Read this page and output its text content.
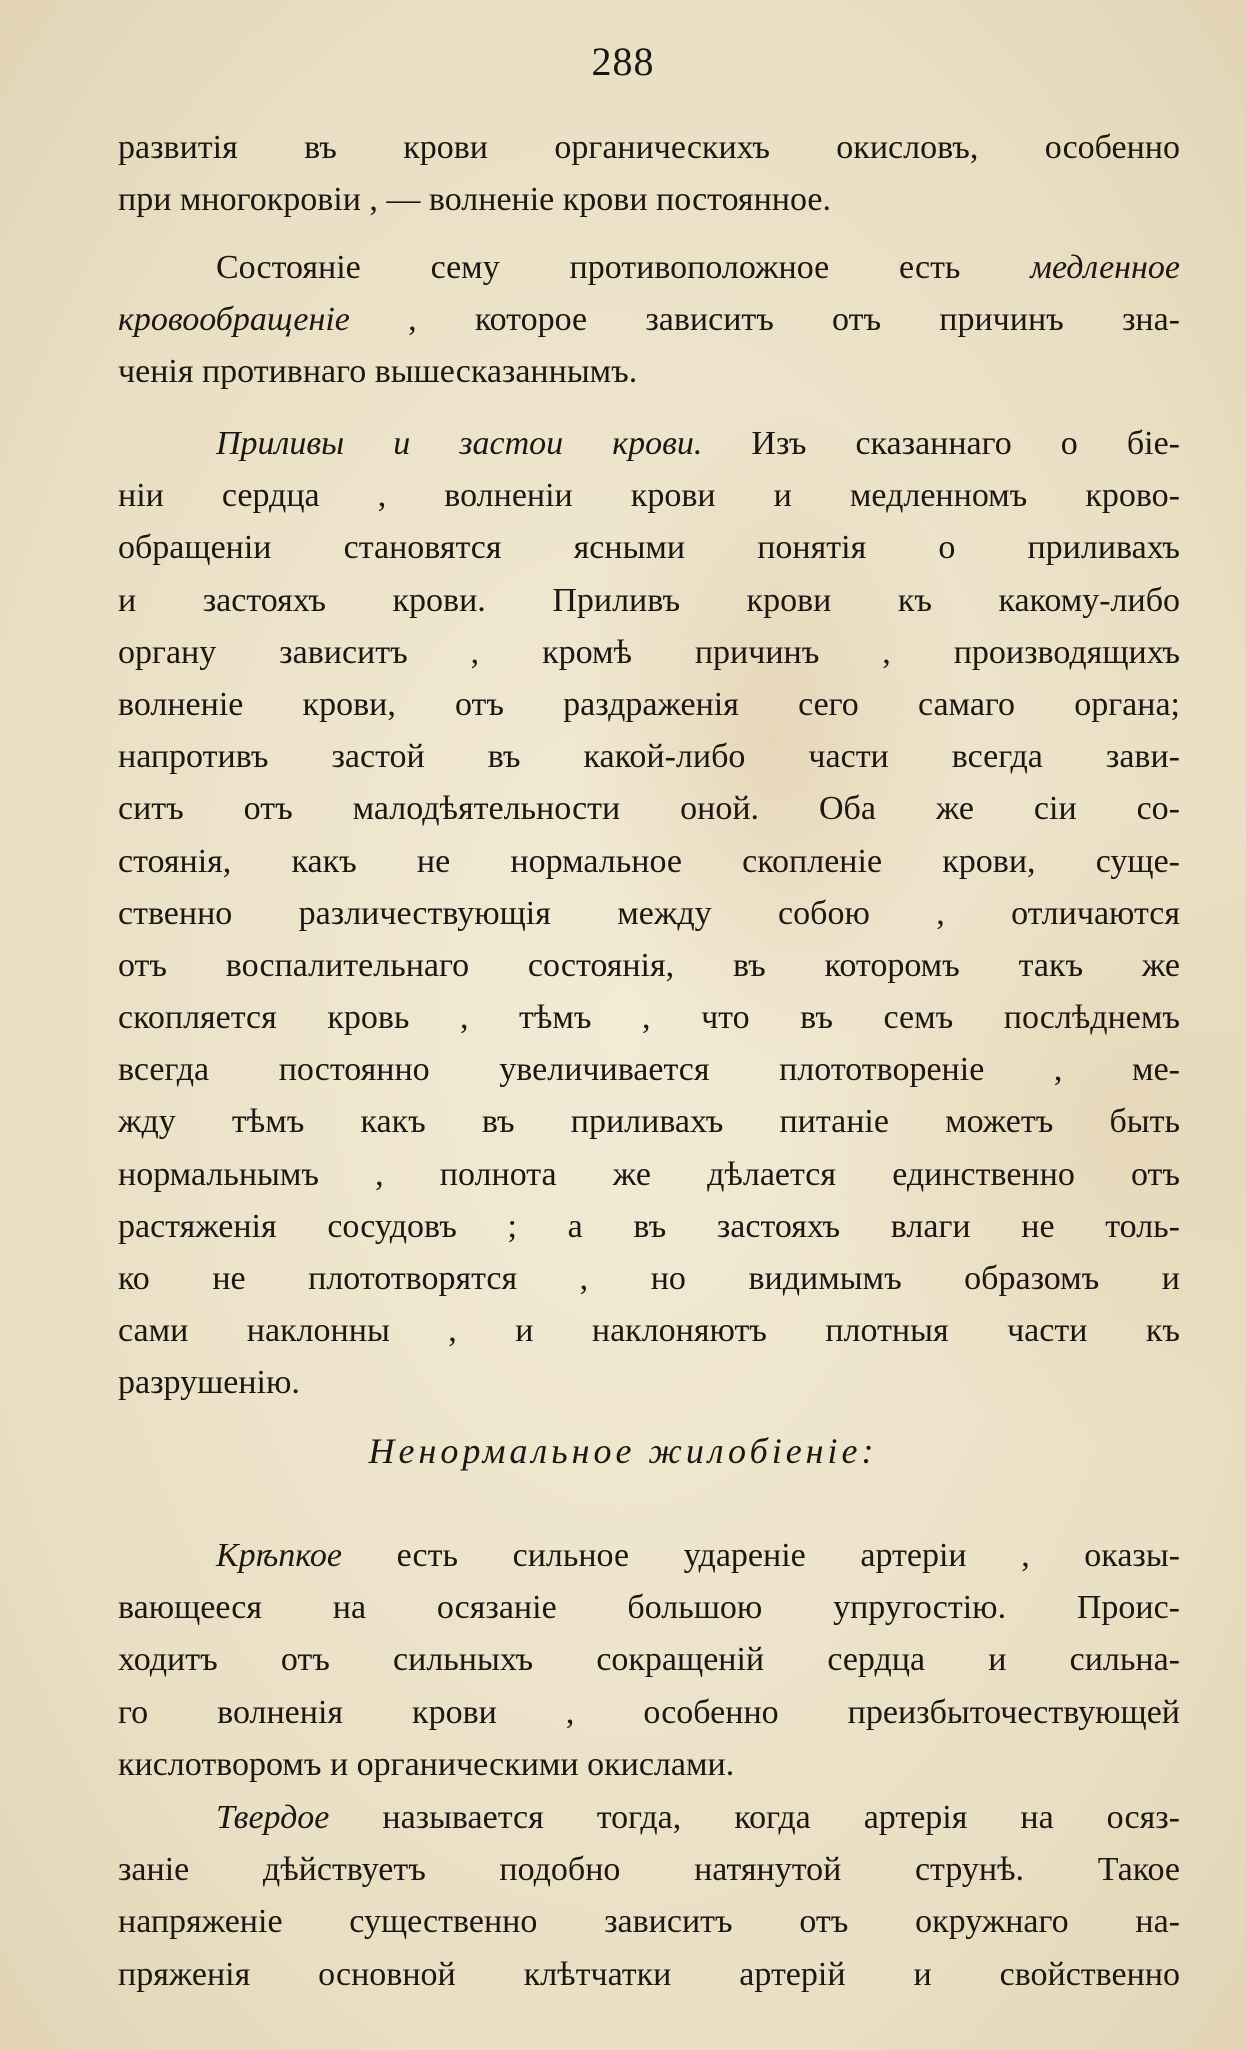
288
развитія въ крови органическихъ окисловъ, особенно
при многокровіи , — волненіе крови постоянное.
Состояніе сему противоположное есть медленное
кровообращеніе , которое зависитъ отъ причинъ зна-
ченія противнаго вышесказаннымъ.
Приливы и застои крови. Изъ сказаннаго о біе-
ніи сердца , волненіи крови и медленномъ крово-
обращеніи становятся ясными понятія о приливахъ
и застояхъ крови. Приливъ крови къ какому-либо
органу зависитъ , кромѣ причинъ , производящихъ
волненіе крови, отъ раздраженія сего самаго органа;
напротивъ застой въ какой-либо части всегда зави-
ситъ отъ малодѣятельности оной. Оба же сіи со-
стоянія, какъ не нормальное скопленіе крови, суще-
ственно различествующія между собою , отличаются
отъ воспалительнаго состоянія, въ которомъ такъ же
скопляется кровь , тѣмъ , что въ семъ послѣднемъ
всегда постоянно увеличивается плототвореніе , ме-
жду тѣмъ какъ въ приливахъ питаніе можетъ быть
нормальнымъ , полнота же дѣлается единственно отъ
растяженія сосудовъ ; а въ застояхъ влаги не толь-
ко не плототворятся , но видимымъ образомъ и
сами наклонны , и наклоняютъ плотныя части къ
разрушенію.
Ненормальное жилобіеніе:
Крѣпкое есть сильное удареніе артеріи , оказы-
вающееся на осязаніе большою упругостію. Проис-
ходитъ отъ сильныхъ сокращеній сердца и сильна-
го волненія крови , особенно преизбыточествующей
кислотворомъ и органическими окислами.
Твердое называется тогда, когда артерія на осяз-
заніе дѣйствуетъ подобно натянутой струнѣ. Такое
напряженіе существенно зависитъ отъ окружнаго на-
пряженія основной клѣтчатки артерій и свойственно
